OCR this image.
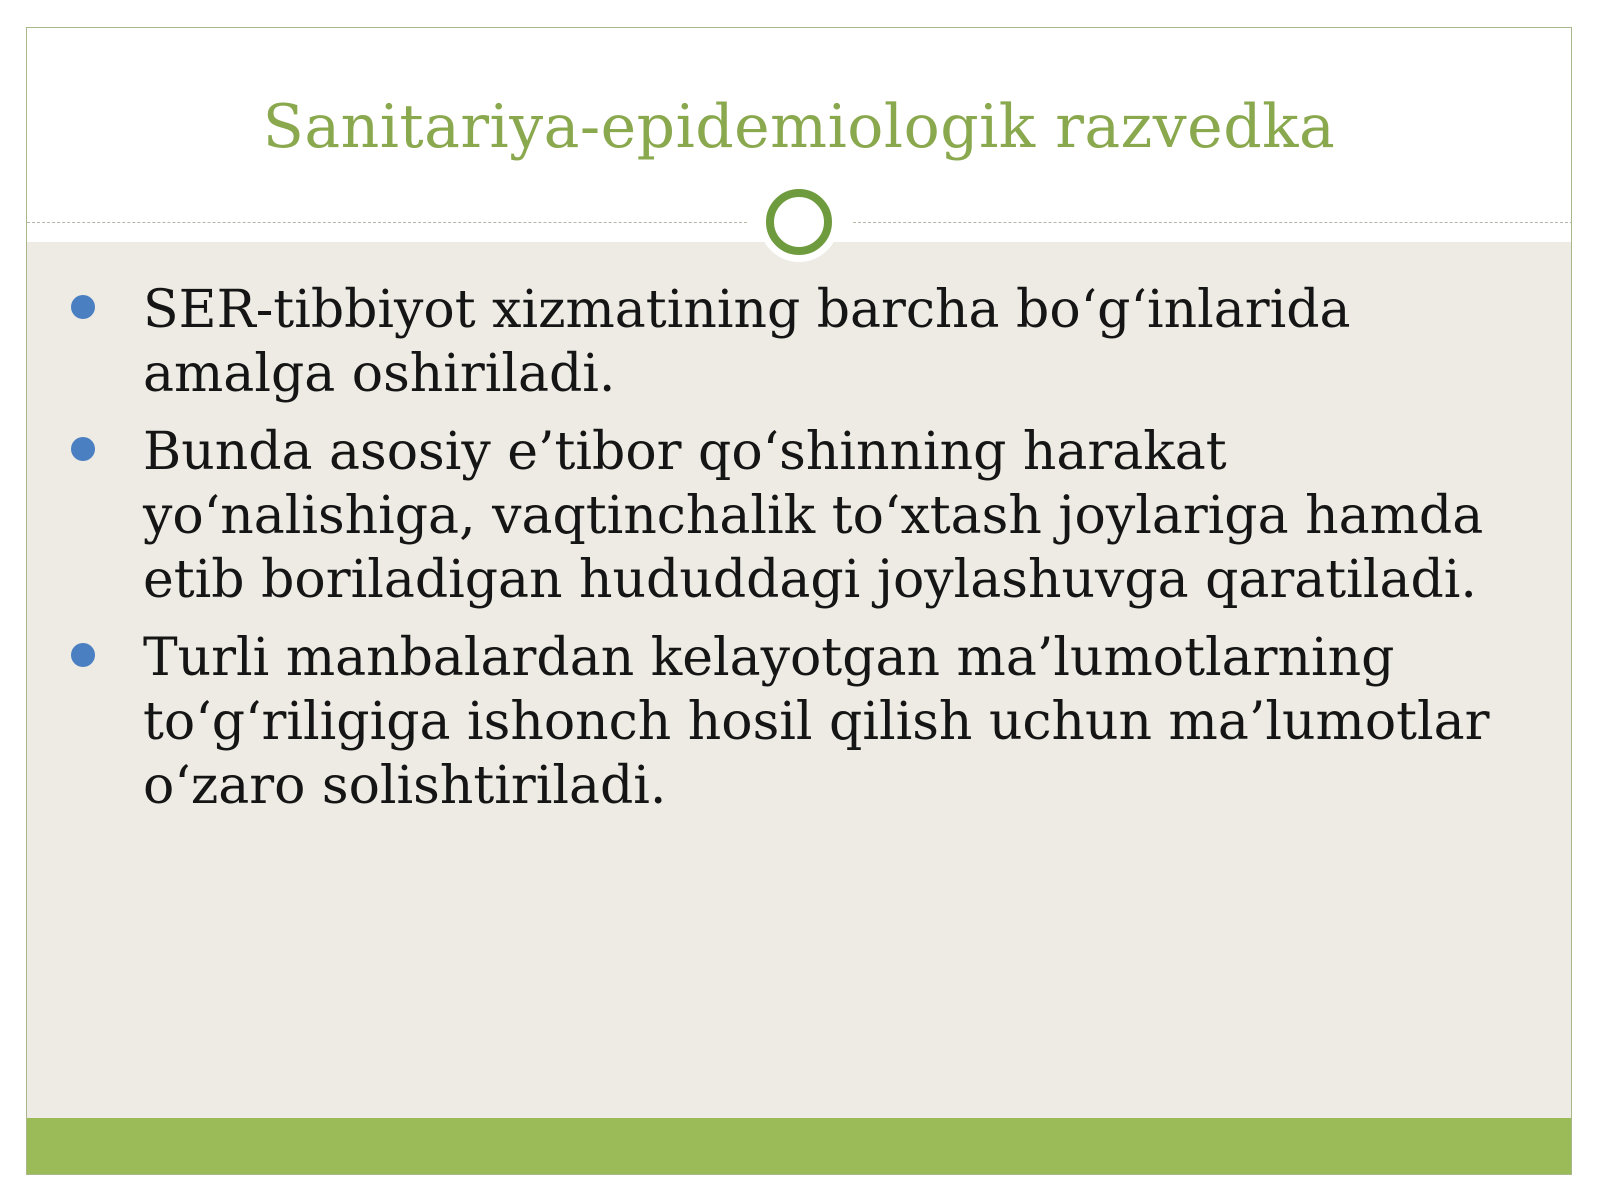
Sanitariya-epidemiologik razvedka
SER-tibbiyot xizmatining barcha bo‘g‘inlarida amalga oshiriladi.
Bunda asosiy e’tibor qo‘shinning harakat yo‘nalishiga, vaqtinchalik to‘xtash joylariga hamda etib boriladigan hududdagi joylashuvga qaratiladi.
Turli manbalardan kelayotgan ma’lumotlarning to‘g‘riligiga ishonch hosil qilish uchun ma’lumotlar o‘zaro solishtiriladi.
